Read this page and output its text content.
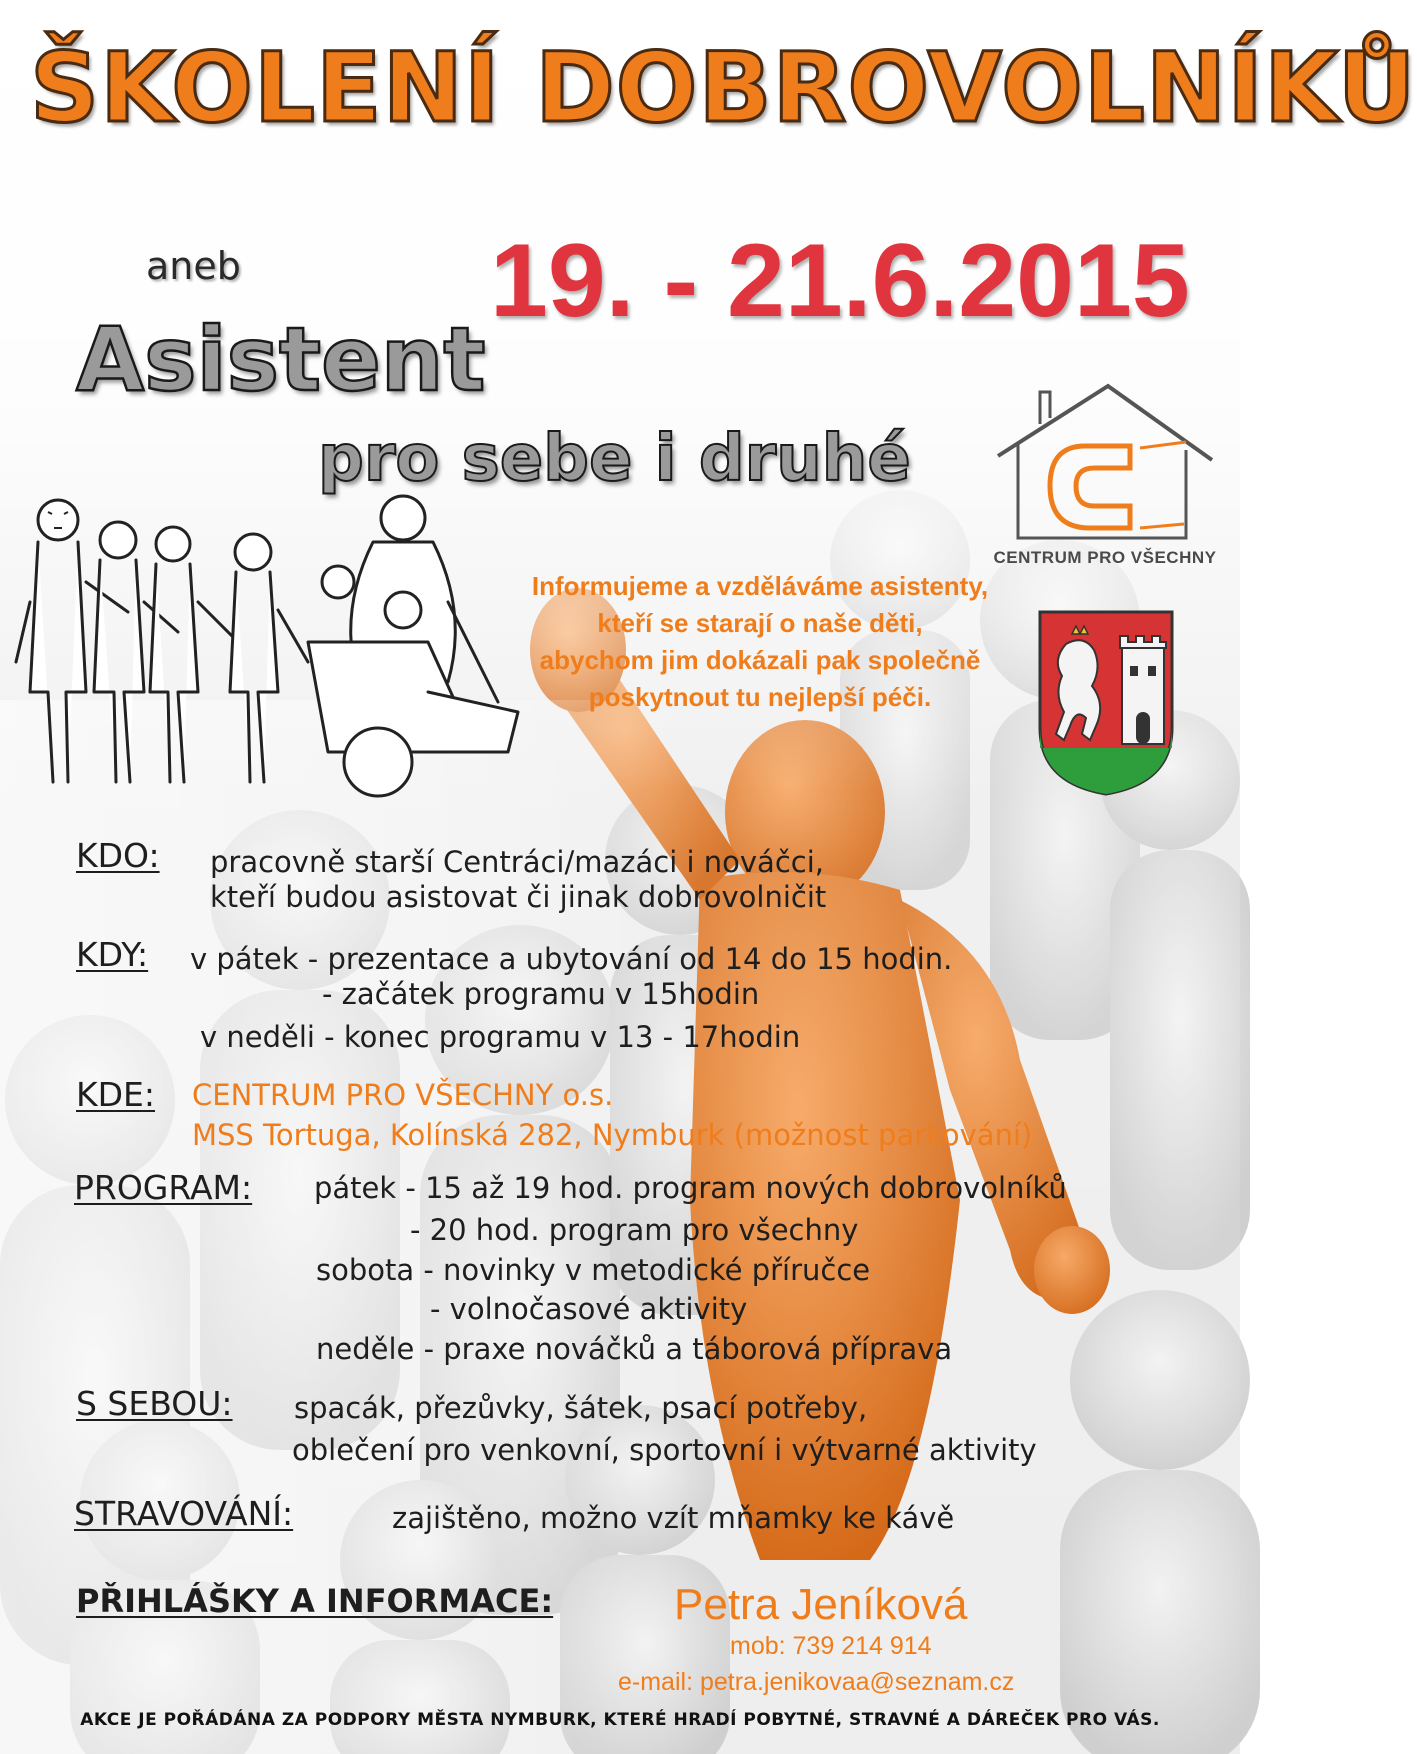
ŠKOLENÍ DOBROVOLNÍKŮ
19. - 21.6.2015
aneb
Asistent
pro sebe i druhé
CENTRUM PRO VŠECHNY
Informujeme a vzděláváme asistenty,
kteří se starají o naše děti,
abychom jim dokázali pak společně
poskytnout tu nejlepší péči.
KDO: pracovně starší Centráci/mazáci i nováčci,
kteří budou asistovat či jinak dobrovolničit
KDY: v pátek - prezentace a ubytování od 14 do 15 hodin.
- začátek programu v 15hodin
v neděli - konec programu v 13 - 17hodin
KDE: CENTRUM PRO VŠECHNY o.s.
MSS Tortuga, Kolínská 282, Nymburk (možnost parkování)
PROGRAM: pátek - 15 až 19 hod. program nových dobrovolníků
- 20 hod. program pro všechny
sobota - novinky v metodické příručce
- volnočasové aktivity
neděle - praxe nováčků a táborová příprava
S SEBOU: spacák, přezůvky, šátek, psací potřeby,
oblečení pro venkovní, sportovní i výtvarné aktivity
STRAVOVÁNÍ:	zajištěno, možno vzít mňamky ke kávě
PŘIHLÁŠKY A INFORMACE:	Petra Jeníková
mob: 739 214 914
e-mail: petra.jenikovaa@seznam.cz
AKCE JE POŘÁDÁNA ZA PODPORY MĚSTA NYMBURK, KTERÉ HRADÍ POBYTNÉ, STRAVNÉ A DÁREČEK PRO VÁS.
